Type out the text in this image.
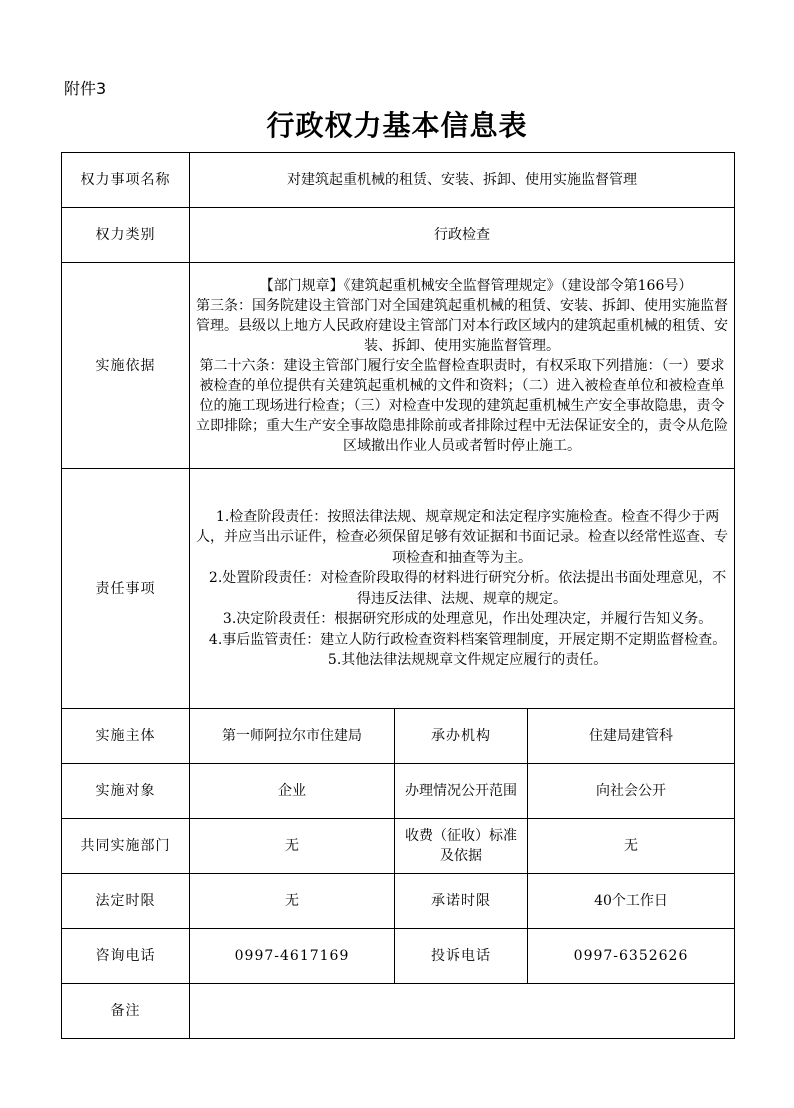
附件3
行政权力基本信息表
权力事项名称	对建筑起重机械的租赁、安装、拆卸、使用实施监督管理		
权力类别	行政检查		
实施依据	【部门规章】《建筑起重机械安全监督管理规定》（建设部令第166号）

第三条：国务院建设主管部门对全国建筑起重机械的租赁、安装、拆卸、使用实施监督管理。县级以上地方人民政府建设主管部门对本行政区域内的建筑起重机械的租赁、安装、拆卸、使用实施监督管理。

第二十六条：建设主管部门履行安全监督检查职责时，有权采取下列措施：（一）要求被检查的单位提供有关建筑起重机械的文件和资料；（二）进入被检查单位和被检查单位的施工现场进行检查；（三）对检查中发现的建筑起重机械生产安全事故隐患，责令立即排除；重大生产安全事故隐患排除前或者排除过程中无法保证安全的，责令从危险区域撤出作业人员或者暂时停止施工。		

责任事项	1.检查阶段责任：按照法律法规、规章规定和法定程序实施检查。检查不得少于两人，并应当出示证件，检查必须保留足够有效证据和书面记录。检查以经常性巡查、专项检查和抽查等为主。

2.处置阶段责任：对检查阶段取得的材料进行研究分析。依法提出书面处理意见，不得违反法律、法规、规章的规定。

3.决定阶段责任：根据研究形成的处理意见，作出处理决定，并履行告知义务。

4.事后监管责任：建立人防行政检查资料档案管理制度，开展定期不定期监督检查。

5.其他法律法规规章文件规定应履行的责任。		

实施主体	第一师阿拉尔市住建局	承办机构	住建局建管科
实施对象	企业	办理情况公开范围	向社会公开
共同实施部门	无	收费（征收）标准及依据	无
法定时限	无	承诺时限	40个工作日
咨询电话	0997-4617169	投诉电话	0997-6352626
备注			
